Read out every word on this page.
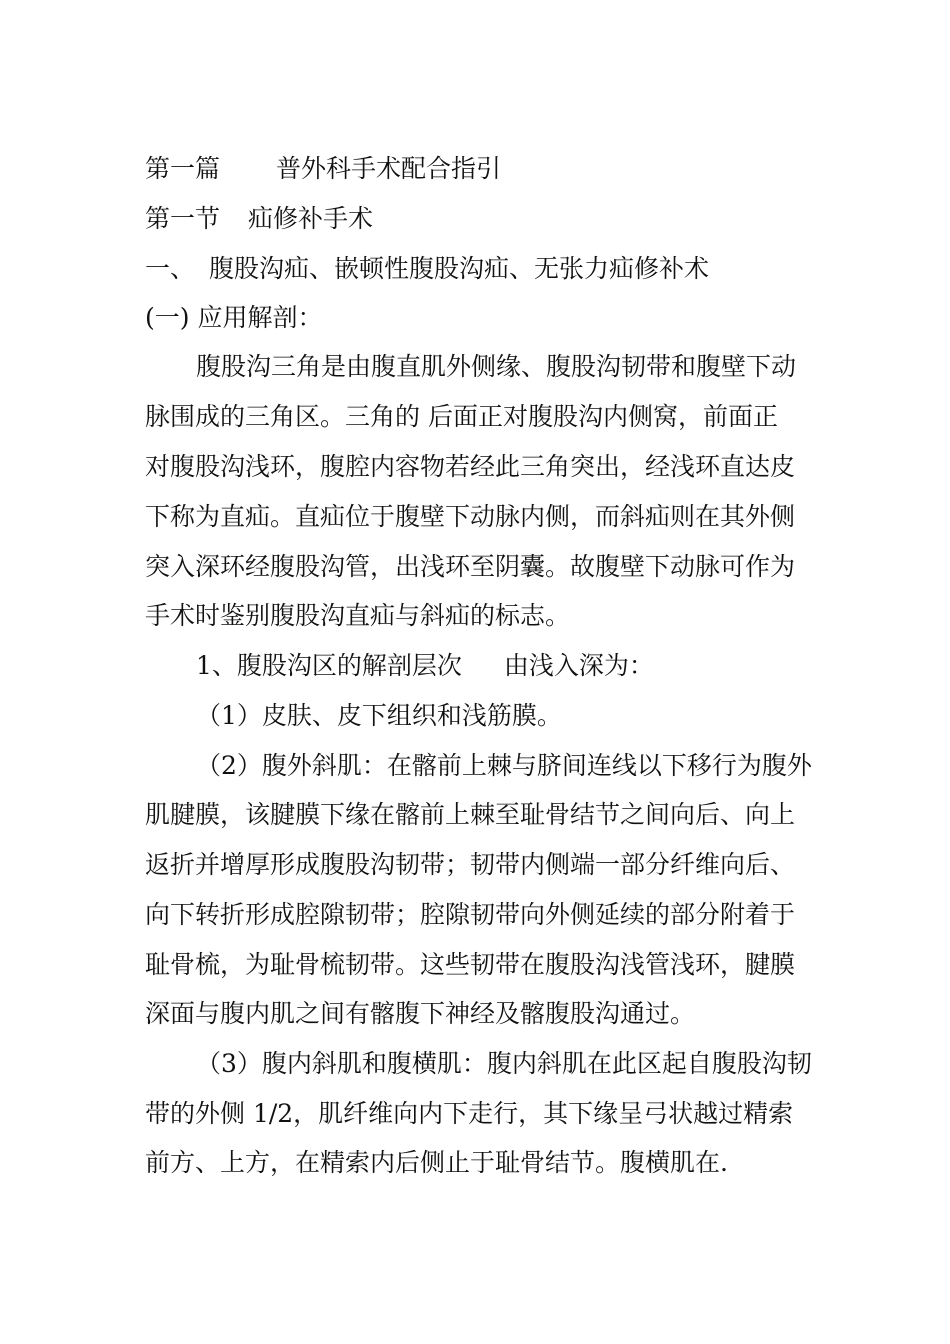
第一篇 普外科手术配合指引
第一节 疝修补手术
一、 腹股沟疝、嵌顿性腹股沟疝、无张力疝修补术
(一) 应用解剖：
腹股沟三角是由腹直肌外侧缘、腹股沟韧带和腹壁下动
脉围成的三角区。三角的 后面正对腹股沟内侧窝，前面正
对腹股沟浅环，腹腔内容物若经此三角突出，经浅环直达皮
下称为直疝。直疝位于腹壁下动脉内侧，而斜疝则在其外侧
突入深环经腹股沟管，出浅环至阴囊。故腹壁下动脉可作为
手术时鉴别腹股沟直疝与斜疝的标志。
1、腹股沟区的解剖层次 由浅入深为：
（1）皮肤、皮下组织和浅筋膜。
（2）腹外斜肌：在髂前上棘与脐间连线以下移行为腹外
肌腱膜，该腱膜下缘在髂前上棘至耻骨结节之间向后、向上
返折并增厚形成腹股沟韧带；韧带内侧端一部分纤维向后、
向下转折形成腔隙韧带；腔隙韧带向外侧延续的部分附着于
耻骨梳，为耻骨梳韧带。这些韧带在腹股沟浅管浅环，腱膜
深面与腹内肌之间有髂腹下神经及髂腹股沟通过。
（3）腹内斜肌和腹横肌：腹内斜肌在此区起自腹股沟韧
带的外侧 1/2，肌纤维向内下走行，其下缘呈弓状越过精索
前方、上方，在精索内后侧止于耻骨结节。腹横肌在.
